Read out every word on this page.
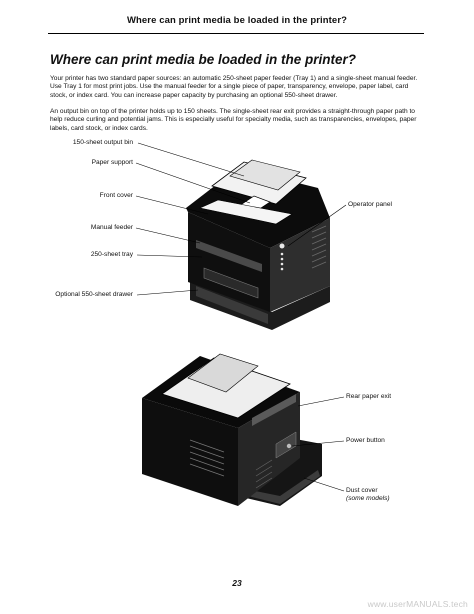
Where can print media be loaded in the printer?
Where can print media be loaded in the printer?

Your printer has two standard paper sources: an automatic 250-sheet paper feeder (Tray 1) and a single-sheet manual feeder. Use Tray 1 for most print jobs. Use the manual feeder for a single piece of paper, transparency, envelope, paper label, card stock, or index card. You can increase paper capacity by purchasing an optional 550-sheet drawer.

An output bin on top of the printer holds up to 150 sheets. The single-sheet rear exit provides a straight-through paper path to help reduce curling and potential jams. This is especially useful for specialty media, such as transparencies, envelopes, paper labels, card stock, or index cards.

150-sheet output bin
Paper support
Front cover
Manual feeder
250-sheet tray
Optional 550-sheet drawer
Operator panel
Rear paper exit
Power button
Dust cover
(some models)
23
www.userMANUALS.tech
